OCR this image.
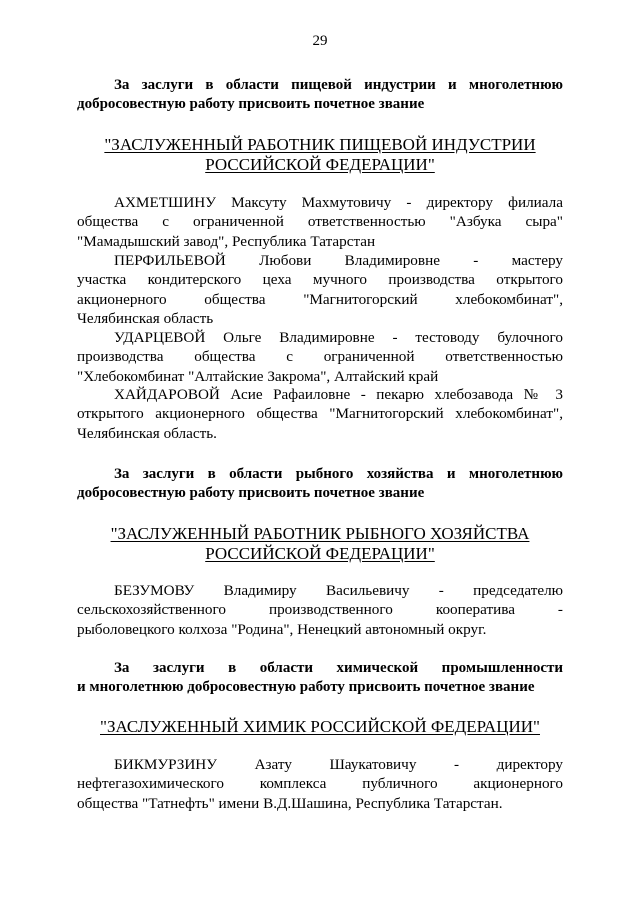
29

За заслуги в области пищевой индустрии и многолетнюю
добросовестную работу присвоить почетное звание

"ЗАСЛУЖЕННЫЙ РАБОТНИК ПИЩЕВОЙ ИНДУСТРИИ
РОССИЙСКОЙ ФЕДЕРАЦИИ"

АХМЕТШИНУ Максуту Махмутовичу - директору филиала
общества с ограниченной ответственностью "Азбука сыра"
"Мамадышский завод", Республика Татарстан

ПЕРФИЛЬЕВОЙ Любови Владимировне - мастеру
участка кондитерского цеха мучного производства открытого
акционерного общества "Магнитогорский хлебокомбинат",
Челябинская область

УДАРЦЕВОЙ Ольге Владимировне - тестоводу булочного
производства общества с ограниченной ответственностью
"Хлебокомбинат "Алтайские Закрома", Алтайский край

ХАЙДАРОВОЙ Асие Рафаиловне - пекарю хлебозавода № 3
открытого акционерного общества "Магнитогорский хлебокомбинат",
Челябинская область.

За заслуги в области рыбного хозяйства и многолетнюю
добросовестную работу присвоить почетное звание

"ЗАСЛУЖЕННЫЙ РАБОТНИК РЫБНОГО ХОЗЯЙСТВА
РОССИЙСКОЙ ФЕДЕРАЦИИ"

БЕЗУМОВУ Владимиру Васильевичу - председателю
сельскохозяйственного производственного кооператива -
рыболовецкого колхоза "Родина", Ненецкий автономный округ.

За заслуги в области химической промышленности
и многолетнюю добросовестную работу присвоить почетное звание

"ЗАСЛУЖЕННЫЙ ХИМИК РОССИЙСКОЙ ФЕДЕРАЦИИ"

БИКМУРЗИНУ Азату Шаукатовичу - директору
нефтегазохимического комплекса публичного акционерного
общества "Татнефть" имени В.Д.Шашина, Республика Татарстан.
